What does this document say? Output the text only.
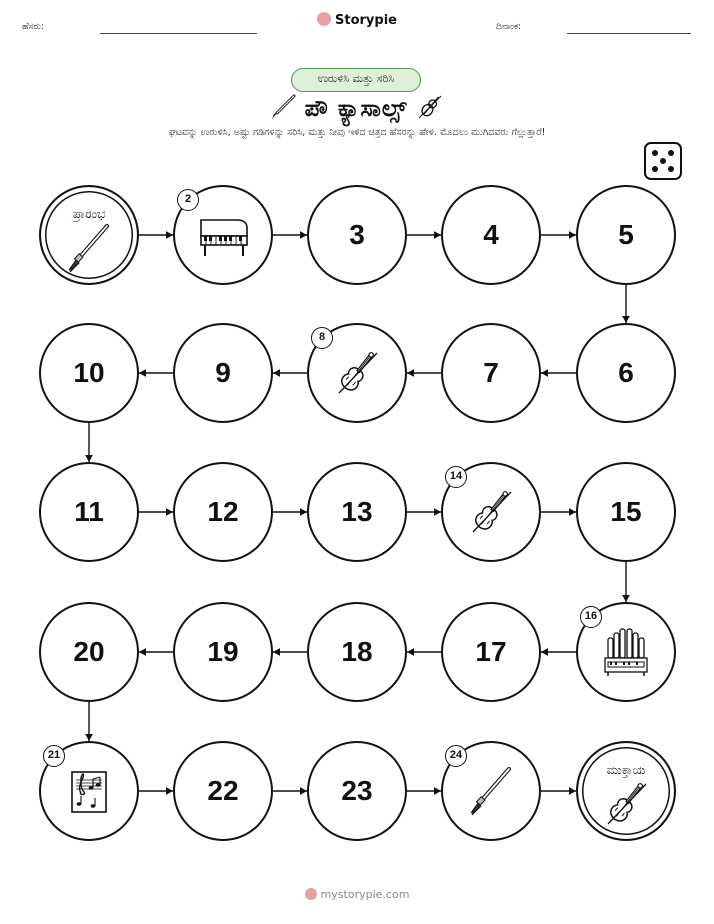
ಹೆಸರು:	Storypie	ದಿನಾಂಕ:
ಉರುಳಿಸಿ ಮತ್ತು ಸರಿಸಿ
ಪೌ ಕ್ಯಾಸಾಲ್ಸ್
ಘಟವನ್ನು ಉರುಳಿಸಿ, ಅಷ್ಟು ಗಡಿಗಳನ್ನು ಸರಿಸಿ, ಮತ್ತು ನೀವು ಇಳಿದ ಚಿತ್ರದ ಹೆಸರನ್ನು ಹೇಳಿ. ಮೊದಲು ಮುಗಿದವರು ಗೆಲ್ಲುತ್ತಾರೆ!
ಪ್ರಾರಂಭ
2
3	4	5
6
7
8
9
10
11	12	13
14
15
16
17
18
19
20
21
22	23
24
ಮುಕ್ತಾಯ
mystorypie.com
